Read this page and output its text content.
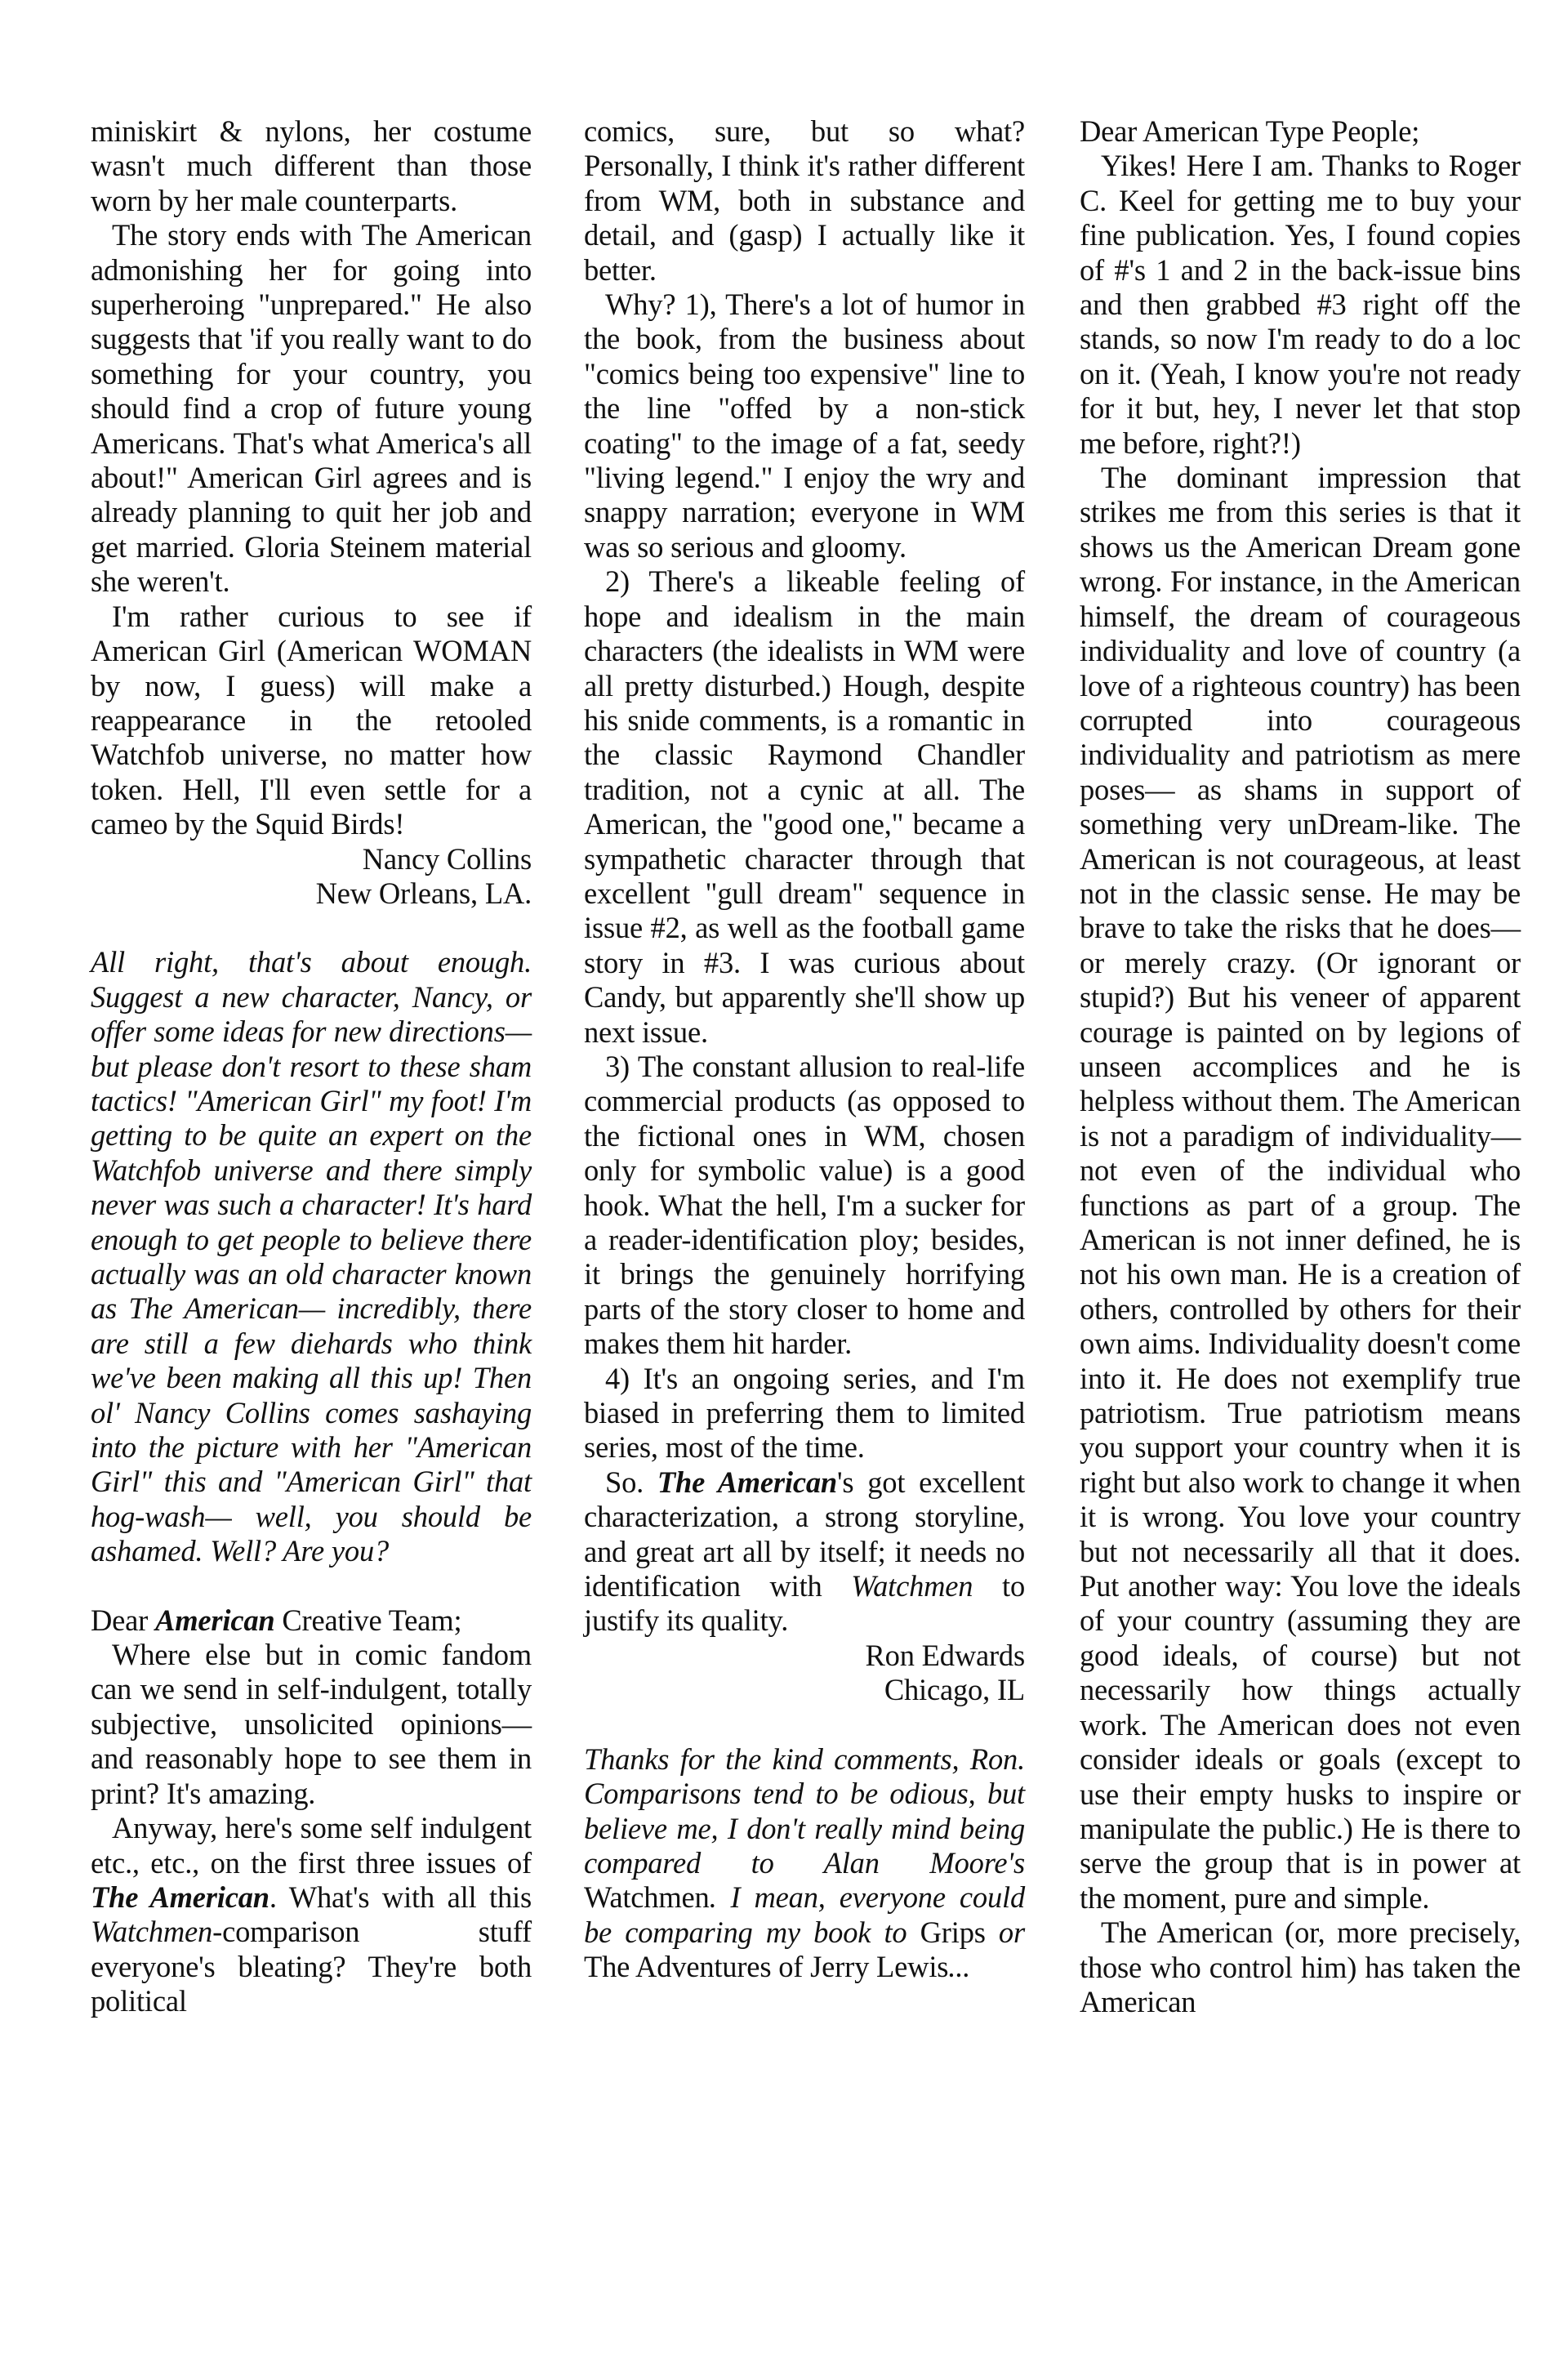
miniskirt & nylons, her costume wasn't much different than those worn by her male counterparts.

The story ends with The American admonishing her for going into superheroing "unprepared." He also suggests that 'if you really want to do something for your country, you should find a crop of future young Americans. That's what America's all about!" American Girl agrees and is already planning to quit her job and get married. Gloria Steinem material she weren't.

I'm rather curious to see if American Girl (American WOMAN by now, I guess) will make a reappearance in the retooled Watchfob universe, no matter how token. Hell, I'll even settle for a cameo by the Squid Birds!

Nancy Collins

New Orleans, LA.

All right, that's about enough. Suggest a new character, Nancy, or offer some ideas for new directions— but please don't resort to these sham tactics! "American Girl" my foot! I'm getting to be quite an expert on the Watchfob universe and there simply never was such a character! It's hard enough to get people to believe there actually was an old character known as The American— incredibly, there are still a few diehards who think we've been making all this up! Then ol' Nancy Collins comes sashaying into the picture with her "American Girl" this and "American Girl" that hog-wash— well, you should be ashamed. Well? Are you?

Dear American Creative Team;

Where else but in comic fandom can we send in self-indulgent, totally subjective, unsolicited opinions— and reasonably hope to see them in print? It's amazing.

Anyway, here's some self indulgent etc., etc., on the first three issues of The American. What's with all this Watchmen-comparison stuff everyone's bleating? They're both political

comics, sure, but so what? Personally, I think it's rather different from WM, both in substance and detail, and (gasp) I actually like it better.

Why? 1), There's a lot of humor in the book, from the business about "comics being too expensive" line to the line "offed by a non-stick coating" to the image of a fat, seedy "living legend." I enjoy the wry and snappy narration; everyone in WM was so serious and gloomy.

2) There's a likeable feeling of hope and idealism in the main characters (the idealists in WM were all pretty disturbed.) Hough, despite his snide comments, is a romantic in the classic Raymond Chandler tradition, not a cynic at all. The American, the "good one," became a sympathetic character through that excellent "gull dream" sequence in issue #2, as well as the football game story in #3. I was curious about Candy, but apparently she'll show up next issue.

3) The constant allusion to real-life commercial products (as opposed to the fictional ones in WM, chosen only for symbolic value) is a good hook. What the hell, I'm a sucker for a reader-identification ploy; besides, it brings the genuinely horrifying parts of the story closer to home and makes them hit harder.

4) It's an ongoing series, and I'm biased in preferring them to limited series, most of the time.

So. The American's got excellent characterization, a strong storyline, and great art all by itself; it needs no identification with Watchmen to justify its quality.

Ron Edwards

Chicago, IL

Thanks for the kind comments, Ron. Comparisons tend to be odious, but believe me, I don't really mind being compared to Alan Moore's Watchmen. I mean, everyone could be comparing my book to Grips or The Adventures of Jerry Lewis...

Dear American Type People;

Yikes! Here I am. Thanks to Roger C. Keel for getting me to buy your fine publication. Yes, I found copies of #'s 1 and 2 in the back-issue bins and then grabbed #3 right off the stands, so now I'm ready to do a loc on it. (Yeah, I know you're not ready for it but, hey, I never let that stop me before, right?!)

The dominant impression that strikes me from this series is that it shows us the American Dream gone wrong. For instance, in the American himself, the dream of courageous individuality and love of country (a love of a righteous country) has been corrupted into courageous individuality and patriotism as mere poses— as shams in support of something very unDream-like. The American is not courageous, at least not in the classic sense. He may be brave to take the risks that he does— or merely crazy. (Or ignorant or stupid?) But his veneer of apparent courage is painted on by legions of unseen accomplices and he is helpless without them. The American is not a paradigm of individuality— not even of the individual who functions as part of a group. The American is not inner defined, he is not his own man. He is a creation of others, controlled by others for their own aims. Individuality doesn't come into it. He does not exemplify true patriotism. True patriotism means you support your country when it is right but also work to change it when it is wrong. You love your country but not necessarily all that it does. Put another way: You love the ideals of your country (assuming they are good ideals, of course) but not necessarily how things actually work. The American does not even consider ideals or goals (except to use their empty husks to inspire or manipulate the public.) He is there to serve the group that is in power at the moment, pure and simple.

The American (or, more precisely, those who control him) has taken the American
